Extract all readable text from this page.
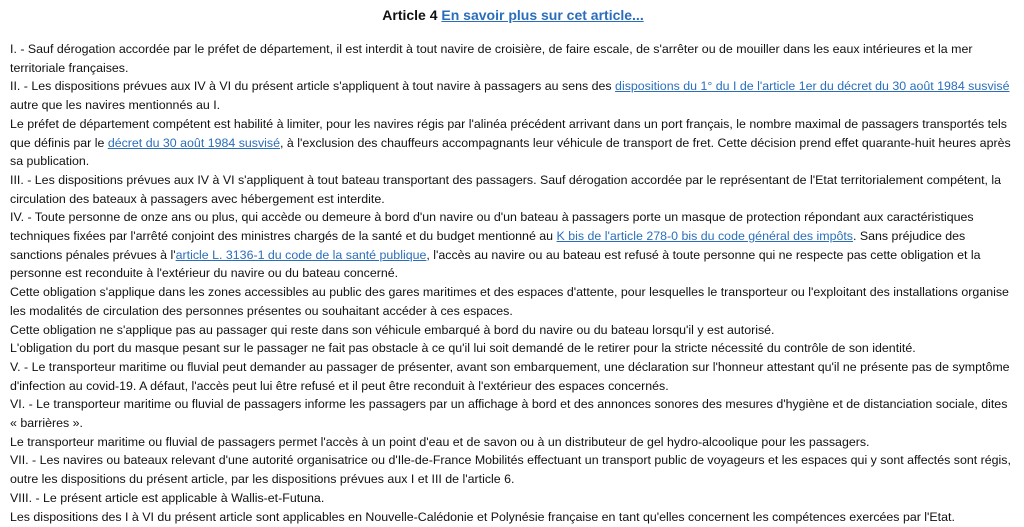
Article 4 En savoir plus sur cet article...

I. - Sauf dérogation accordée par le préfet de département, il est interdit à tout navire de croisière, de faire escale, de s'arrêter ou de mouiller dans les eaux intérieures et la mer territoriale françaises.

II. - Les dispositions prévues aux IV à VI du présent article s'appliquent à tout navire à passagers au sens des dispositions du 1° du I de l'article 1er du décret du 30 août 1984 susvisé autre que les navires mentionnés au I.

Le préfet de département compétent est habilité à limiter, pour les navires régis par l'alinéa précédent arrivant dans un port français, le nombre maximal de passagers transportés tels que définis par le décret du 30 août 1984 susvisé, à l'exclusion des chauffeurs accompagnants leur véhicule de transport de fret. Cette décision prend effet quarante-huit heures après sa publication.

III. - Les dispositions prévues aux IV à VI s'appliquent à tout bateau transportant des passagers. Sauf dérogation accordée par le représentant de l'Etat territorialement compétent, la circulation des bateaux à passagers avec hébergement est interdite.

IV. - Toute personne de onze ans ou plus, qui accède ou demeure à bord d'un navire ou d'un bateau à passagers porte un masque de protection répondant aux caractéristiques techniques fixées par l'arrêté conjoint des ministres chargés de la santé et du budget mentionné au K bis de l'article 278-0 bis du code général des impôts. Sans préjudice des sanctions pénales prévues à l'article L. 3136-1 du code de la santé publique, l'accès au navire ou au bateau est refusé à toute personne qui ne respecte pas cette obligation et la personne est reconduite à l'extérieur du navire ou du bateau concerné.

Cette obligation s'applique dans les zones accessibles au public des gares maritimes et des espaces d'attente, pour lesquelles le transporteur ou l'exploitant des installations organise les modalités de circulation des personnes présentes ou souhaitant accéder à ces espaces.

Cette obligation ne s'applique pas au passager qui reste dans son véhicule embarqué à bord du navire ou du bateau lorsqu'il y est autorisé.

L'obligation du port du masque pesant sur le passager ne fait pas obstacle à ce qu'il lui soit demandé de le retirer pour la stricte nécessité du contrôle de son identité.

V. - Le transporteur maritime ou fluvial peut demander au passager de présenter, avant son embarquement, une déclaration sur l'honneur attestant qu'il ne présente pas de symptôme d'infection au covid-19. A défaut, l'accès peut lui être refusé et il peut être reconduit à l'extérieur des espaces concernés.

VI. - Le transporteur maritime ou fluvial de passagers informe les passagers par un affichage à bord et des annonces sonores des mesures d'hygiène et de distanciation sociale, dites « barrières ».

Le transporteur maritime ou fluvial de passagers permet l'accès à un point d'eau et de savon ou à un distributeur de gel hydro-alcoolique pour les passagers.

VII. - Les navires ou bateaux relevant d'une autorité organisatrice ou d'Ile-de-France Mobilités effectuant un transport public de voyageurs et les espaces qui y sont affectés sont régis, outre les dispositions du présent article, par les dispositions prévues aux I et III de l'article 6.

VIII. - Le présent article est applicable à Wallis-et-Futuna.

Les dispositions des I à VI du présent article sont applicables en Nouvelle-Calédonie et Polynésie française en tant qu'elles concernent les compétences exercées par l'Etat.
